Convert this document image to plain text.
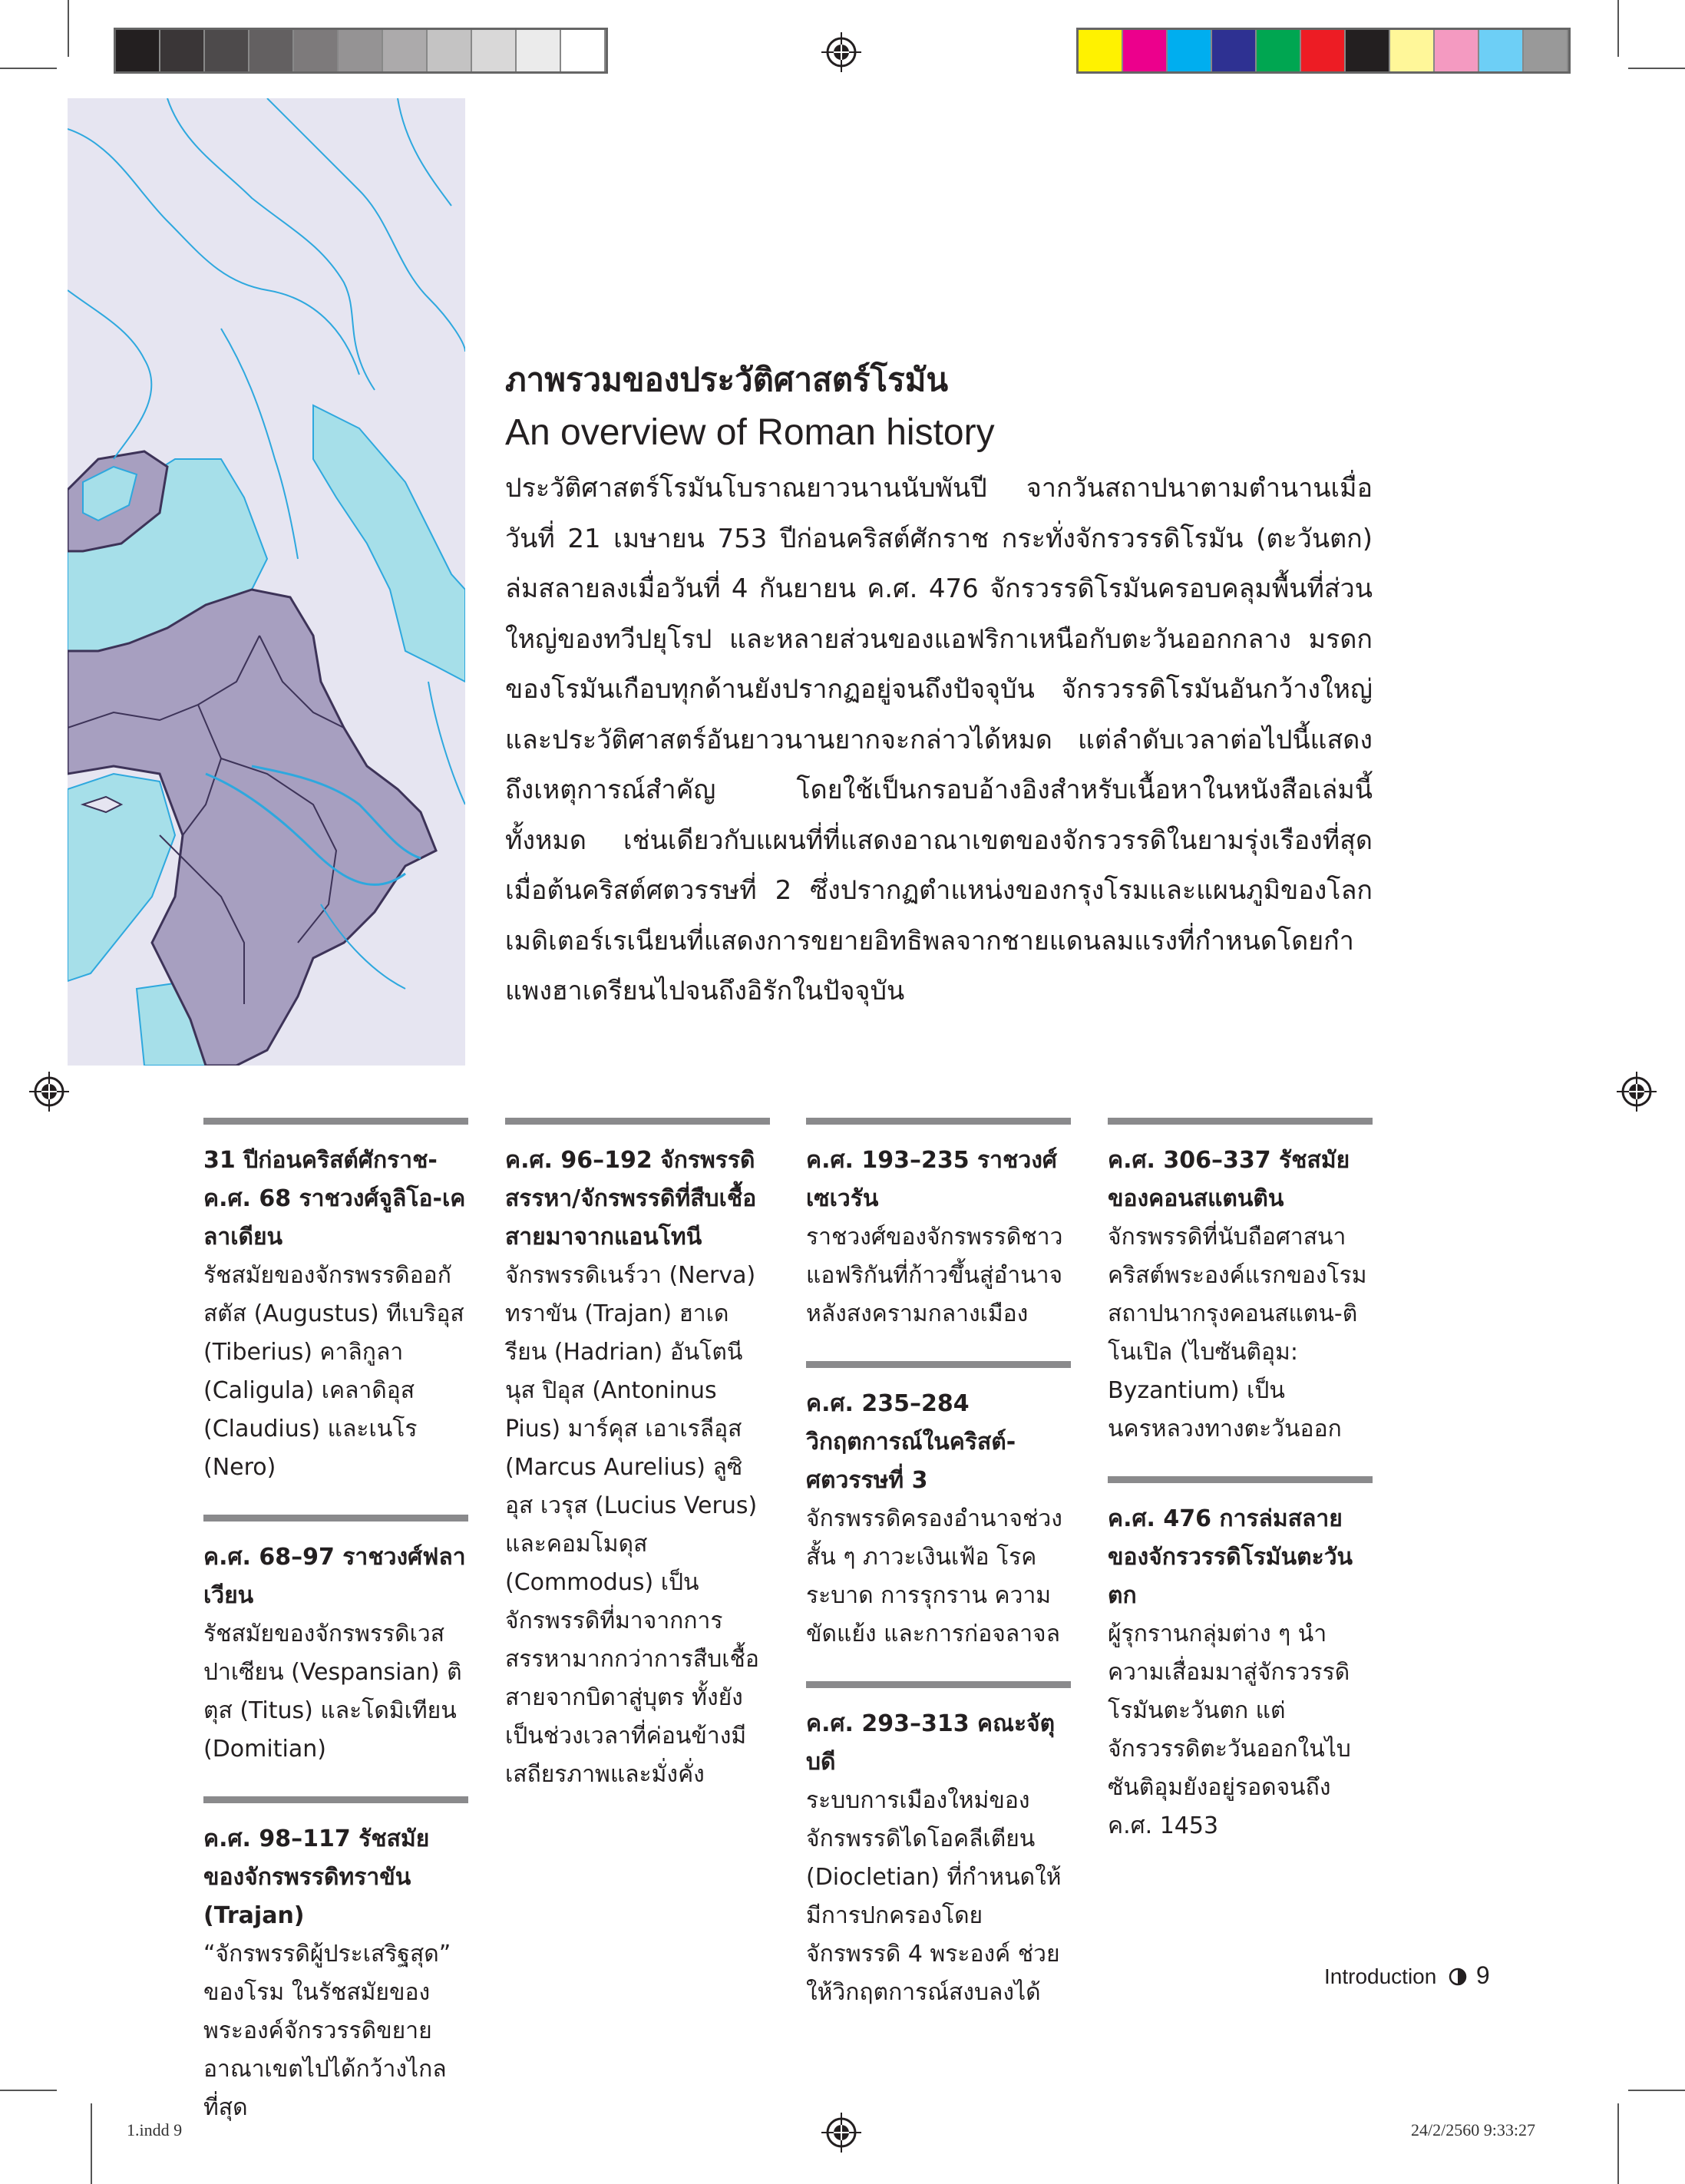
ภาพรวมของประวัติศาสตร์โรมัน
An overview of Roman history
ประวัติศาสตร์โรมันโบราณยาวนานนับพันปี จากวันสถาปนาตามตำนานเมื่อวันที่ 21 เมษายน 753 ปีก่อนคริสต์ศักราช กระทั่งจักรวรรดิโรมัน (ตะวันตก) ล่มสลายลงเมื่อวันที่ 4 กันยายน ค.ศ. 476 จักรวรรดิโรมันครอบคลุมพื้นที่ส่วนใหญ่ของทวีปยุโรป และหลายส่วนของแอฟริกาเหนือกับตะวันออกกลาง มรดกของโรมันเกือบทุกด้านยังปรากฏอยู่จนถึงปัจจุบัน จักรวรรดิโรมันอันกว้างใหญ่และประวัติศาสตร์อันยาวนานยากจะกล่าวได้หมด แต่ลำดับเวลาต่อไปนี้แสดงถึงเหตุการณ์สำคัญ โดยใช้เป็นกรอบอ้างอิงสำหรับเนื้อหาในหนังสือเล่มนี้ทั้งหมด เช่นเดียวกับแผนที่ที่แสดงอาณาเขตของจักรวรรดิในยามรุ่งเรืองที่สุดเมื่อต้นคริสต์ศตวรรษที่ 2 ซึ่งปรากฏตำแหน่งของกรุงโรมและแผนภูมิของโลกเมดิเตอร์เรเนียนที่แสดงการขยายอิทธิพลจากชายแดนลมแรงที่กำหนดโดยกำแพงฮาเดรียนไปจนถึงอิรักในปัจจุบัน
31 ปีก่อนคริสต์ศักราช-ค.ศ. 68 ราชวงศ์จูลิโอ-เคลาเดียน
รัชสมัยของจักรพรรดิออกัสตัส (Augustus) ทีเบริอุส (Tiberius) คาลิกูลา (Caligula) เคลาดิอุส (Claudius) และเนโร (Nero)
ค.ศ. 68–97 ราชวงศ์ฟลาเวียน
รัชสมัยของจักรพรรดิเวสปาเซียน (Vespansian) ติตุส (Titus) และโดมิเทียน (Domitian)
ค.ศ. 98–117 รัชสมัยของจักรพรรดิทราขัน (Trajan)
“จักรพรรดิผู้ประเสริฐสุด” ของโรม ในรัชสมัยของพระองค์จักรวรรดิขยายอาณาเขตไปได้กว้างไกลที่สุด
ค.ศ. 96–192 จักรพรรดิสรรหา/จักรพรรดิที่สืบเชื้อสายมาจากแอนโทนี
จักรพรรดิเนร์วา (Nerva) ทราขัน (Trajan) ฮาเดรียน (Hadrian) อันโตนีนุส ปิอุส (Antoninus Pius) มาร์คุส เอาเรลีอุส (Marcus Aurelius) ลูซิอุส เวรุส (Lucius Verus) และคอมโมดุส (Commodus) เป็นจักรพรรดิที่มาจากการสรรหามากกว่าการสืบเชื้อสายจากบิดาสู่บุตร ทั้งยังเป็นช่วงเวลาที่ค่อนข้างมีเสถียรภาพและมั่งคั่ง
ค.ศ. 193–235 ราชวงศ์เซเวรัน
ราชวงศ์ของจักรพรรดิชาวแอฟริกันที่ก้าวขึ้นสู่อำนาจหลังสงครามกลางเมือง
ค.ศ. 235–284 วิกฤตการณ์ในคริสต์-ศตวรรษที่ 3
จักรพรรดิครองอำนาจช่วงสั้น ๆ ภาวะเงินเฟ้อ โรคระบาด การรุกราน ความขัดแย้ง และการก่อจลาจล
ค.ศ. 293–313 คณะจัตุบดี
ระบบการเมืองใหม่ของจักรพรรดิไดโอคลีเตียน (Diocletian) ที่กำหนดให้มีการปกครองโดยจักรพรรดิ 4 พระองค์ ช่วยให้วิกฤตการณ์สงบลงได้
ค.ศ. 306–337 รัชสมัยของคอนสแตนติน
จักรพรรดิที่นับถือศาสนาคริสต์พระองค์แรกของโรม สถาปนากรุงคอนสแตน-ติโนเปิล (ไบซันติอุม: Byzantium) เป็นนครหลวงทางตะวันออก
ค.ศ. 476 การล่มสลายของจักรวรรดิโรมันตะวันตก
ผู้รุกรานกลุ่มต่าง ๆ นำความเสื่อมมาสู่จักรวรรดิโรมันตะวันตก แต่จักรวรรดิตะวันออกในไบซันติอุมยังอยู่รอดจนถึง ค.ศ. 1453
Introduction 9
1.indd 9	24/2/2560 9:33:27
